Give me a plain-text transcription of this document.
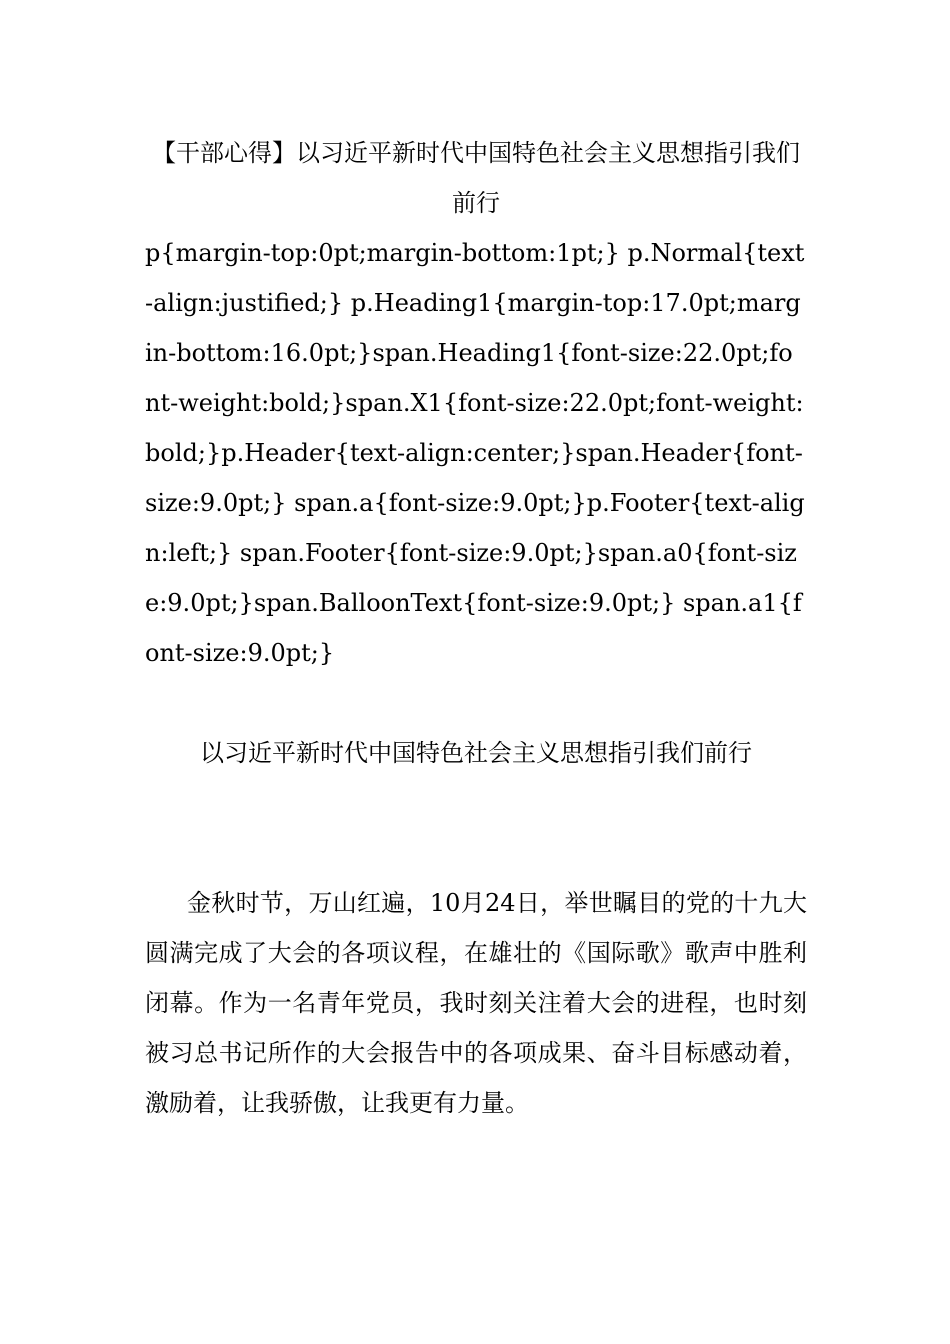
【干部心得】以习近平新时代中国特色社会主义思想指引我们前行

p{margin-top:0pt;margin-bottom:1pt;} p.Normal{text-align:justified;} p.Heading1{margin-top:17.0pt;margin-bottom:16.0pt;}span.Heading1{font-size:22.0pt;font-weight:bold;}span.X1{font-size:22.0pt;font-weight:bold;}p.Header{text-align:center;}span.Header{font-size:9.0pt;} span.a{font-size:9.0pt;}p.Footer{text-align:left;} span.Footer{font-size:9.0pt;}span.a0{font-size:9.0pt;}span.BalloonText{font-size:9.0pt;} span.a1{font-size:9.0pt;}

以习近平新时代中国特色社会主义思想指引我们前行

金秋时节，万山红遍，10月24日，举世瞩目的党的十九大圆满完成了大会的各项议程，在雄壮的《国际歌》歌声中胜利闭幕。作为一名青年党员，我时刻关注着大会的进程，也时刻被习总书记所作的大会报告中的各项成果、奋斗目标感动着，激励着，让我骄傲，让我更有力量。
